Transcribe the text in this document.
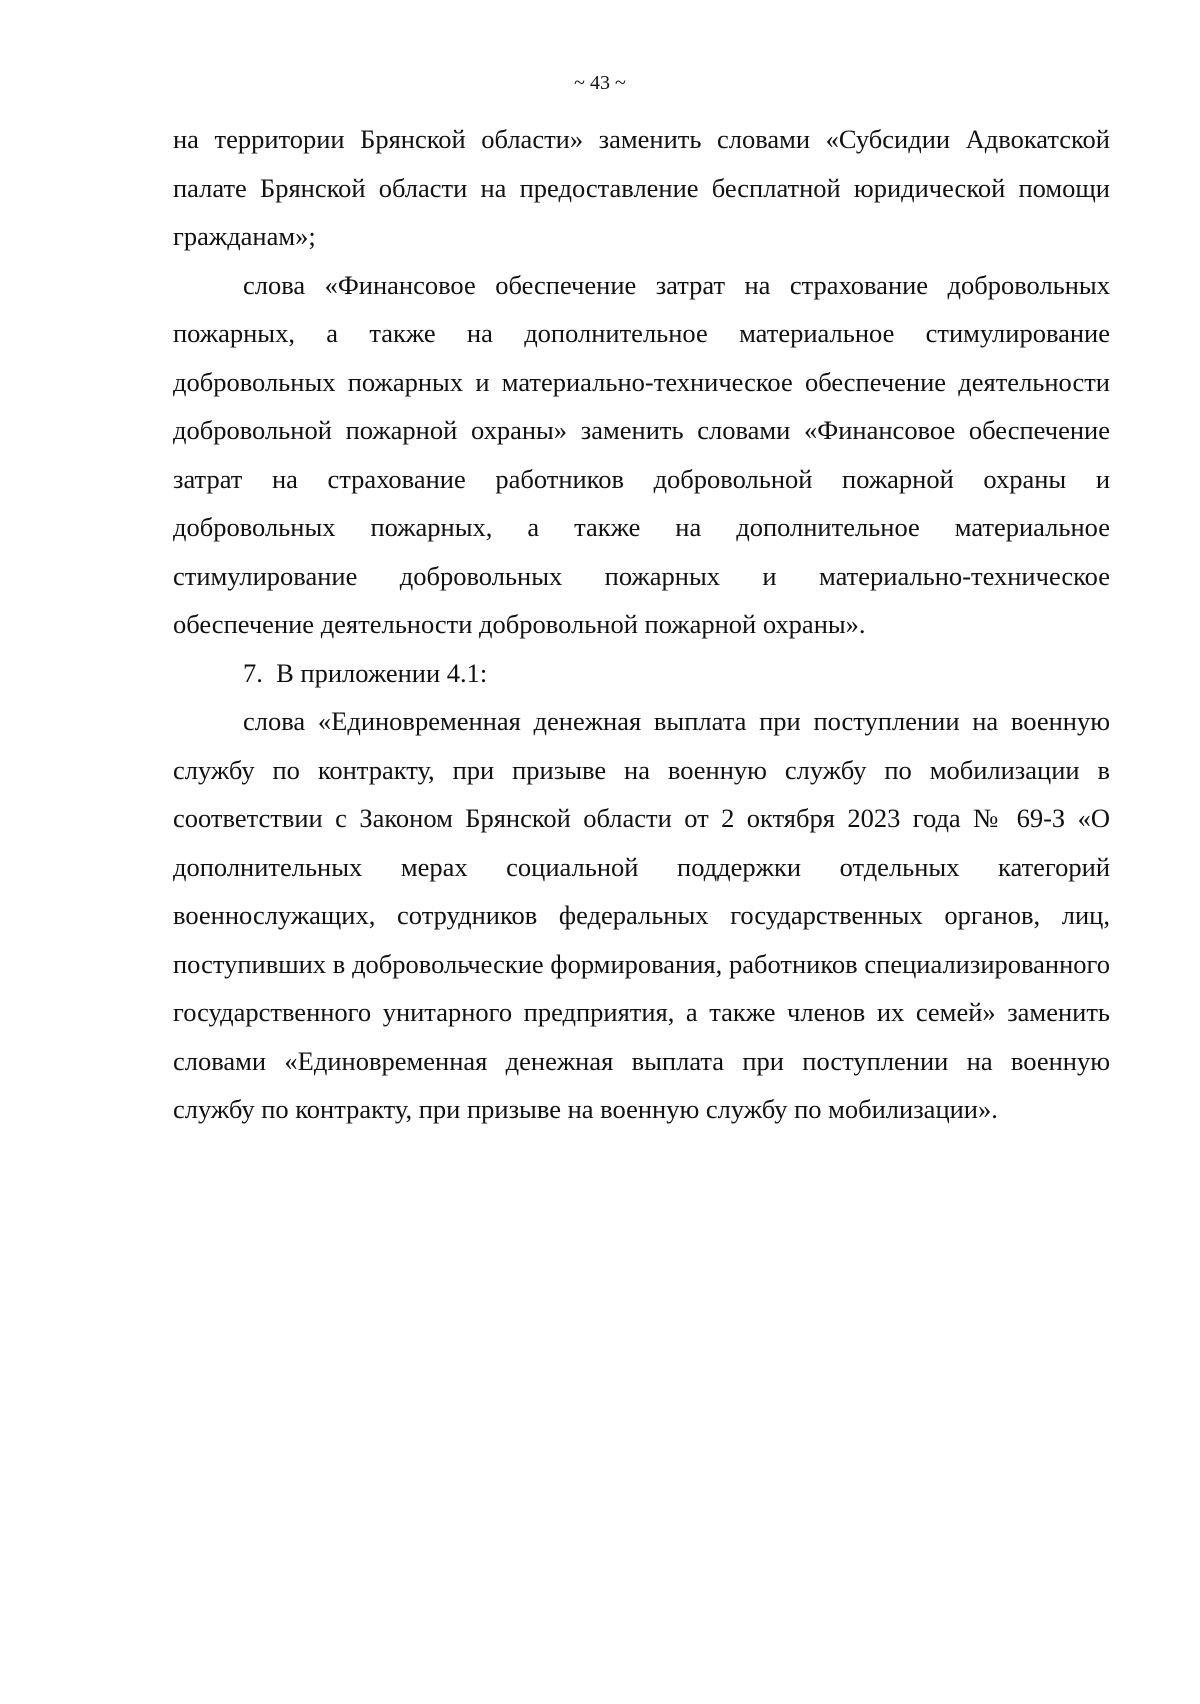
~ 43 ~

на территории Брянской области» заменить словами «Субсидии Адвокатской палате Брянской области на предоставление бесплатной юридической помощи гражданам»;

слова «Финансовое обеспечение затрат на страхование добровольных пожарных, а также на дополнительное материальное стимулирование добровольных пожарных и материально-техническое обеспечение деятельности добровольной пожарной охраны» заменить словами «Финансовое обеспечение затрат на страхование работников добровольной пожарной охраны и добровольных пожарных, а также на дополнительное материальное стимулирование добровольных пожарных и материально-техническое обеспечение деятельности добровольной пожарной охраны».

7. В приложении 4.1:

слова «Единовременная денежная выплата при поступлении на военную службу по контракту, при призыве на военную службу по мобилизации в соответствии с Законом Брянской области от 2 октября 2023 года № 69-З «О дополнительных мерах социальной поддержки отдельных категорий военнослужащих, сотрудников федеральных государственных органов, лиц, поступивших в добровольческие формирования, работников специализированного государственного унитарного предприятия, а также членов их семей» заменить словами «Единовременная денежная выплата при поступлении на военную службу по контракту, при призыве на военную службу по мобилизации».
